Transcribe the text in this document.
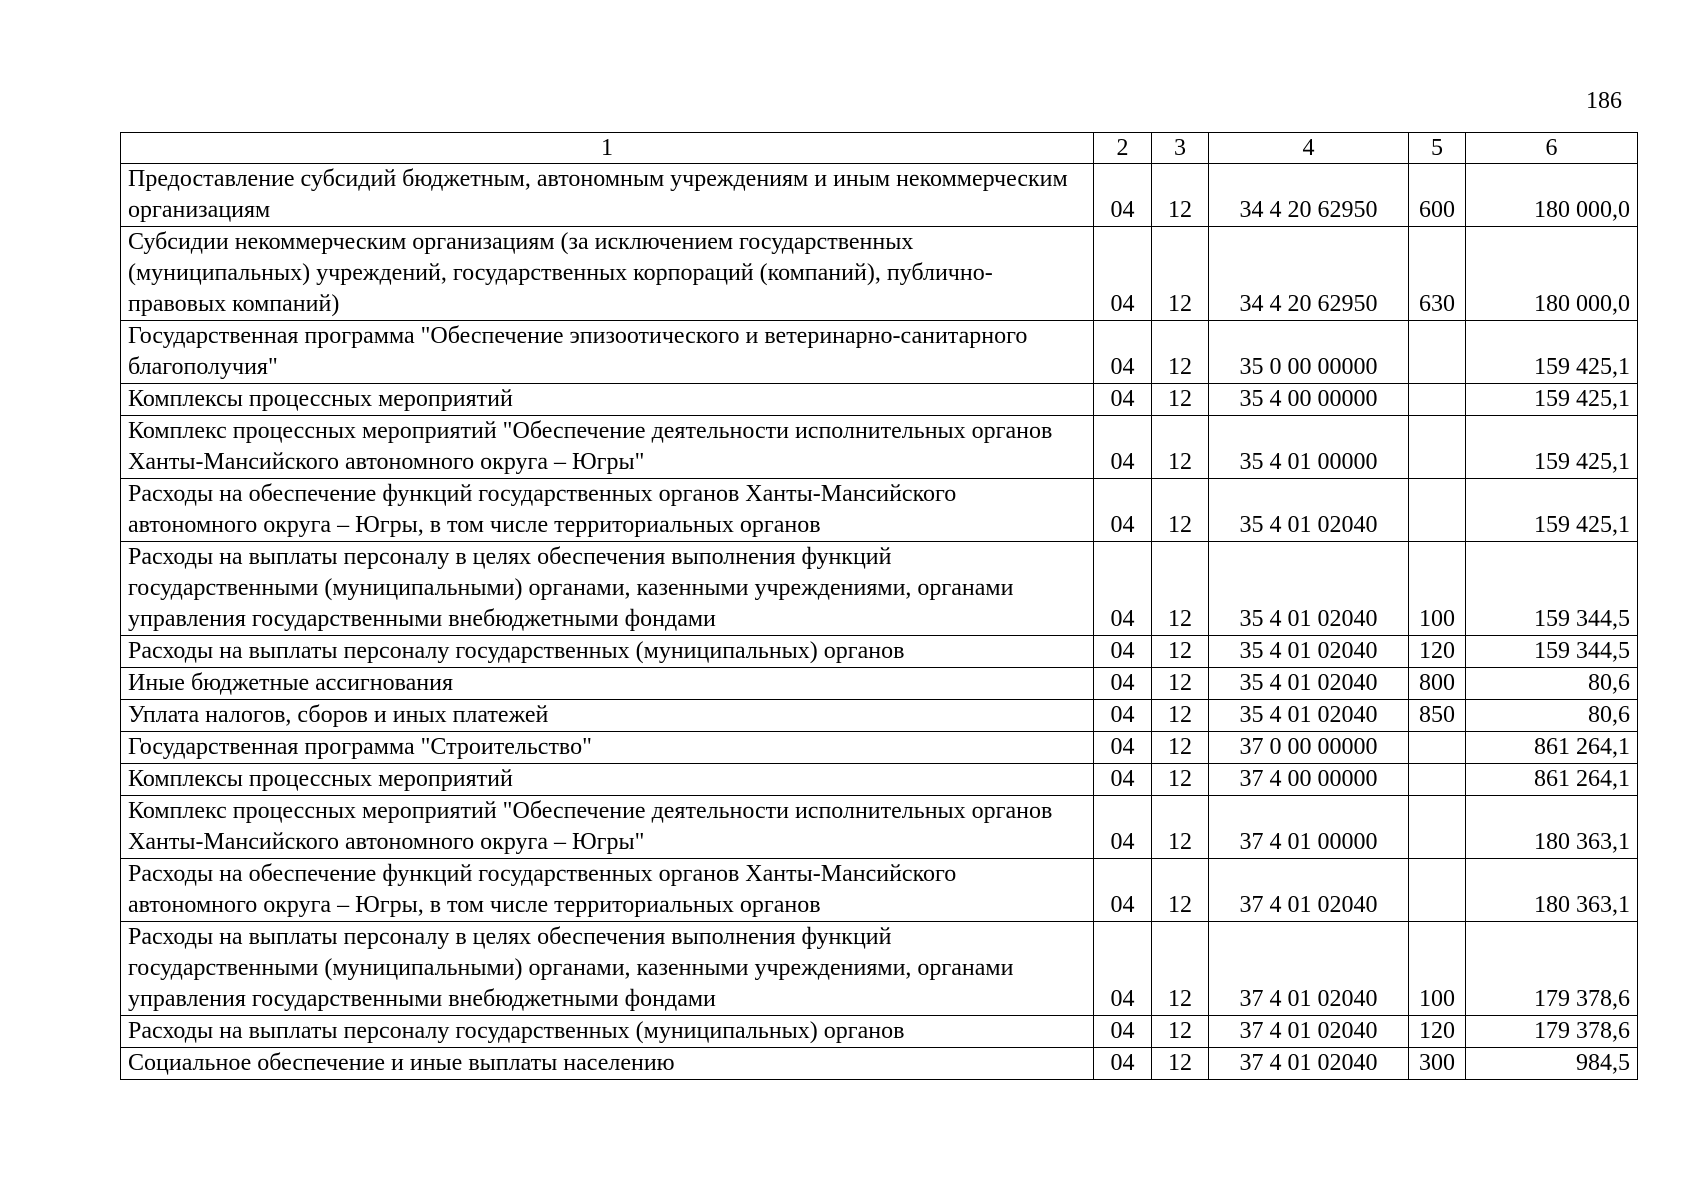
186
1	2	3	4	5	6
Предоставление субсидий бюджетным, автономным учреждениям и иным некоммерческим организациям	04	12	34 4 20 62950	600	180 000,0
Субсидии некоммерческим организациям (за исключением государственных (муниципальных) учреждений, государственных корпораций (компаний), публично-правовых компаний)	04	12	34 4 20 62950	630	180 000,0
Государственная программа "Обеспечение эпизоотического и ветеринарно-санитарного благополучия"	04	12	35 0 00 00000		159 425,1
Комплексы процессных мероприятий	04	12	35 4 00 00000		159 425,1
Комплекс процессных мероприятий "Обеспечение деятельности исполнительных органов Ханты-Мансийского автономного округа – Югры"	04	12	35 4 01 00000		159 425,1
Расходы на обеспечение функций государственных органов Ханты-Мансийского автономного округа – Югры, в том числе территориальных органов	04	12	35 4 01 02040		159 425,1
Расходы на выплаты персоналу в целях обеспечения выполнения функций государственными (муниципальными) органами, казенными учреждениями, органами управления государственными внебюджетными фондами	04	12	35 4 01 02040	100	159 344,5
Расходы на выплаты персоналу государственных (муниципальных) органов	04	12	35 4 01 02040	120	159 344,5
Иные бюджетные ассигнования	04	12	35 4 01 02040	800	80,6
Уплата налогов, сборов и иных платежей	04	12	35 4 01 02040	850	80,6
Государственная программа "Строительство"	04	12	37 0 00 00000		861 264,1
Комплексы процессных мероприятий	04	12	37 4 00 00000		861 264,1
Комплекс процессных мероприятий "Обеспечение деятельности исполнительных органов Ханты-Мансийского автономного округа – Югры"	04	12	37 4 01 00000		180 363,1
Расходы на обеспечение функций государственных органов Ханты-Мансийского автономного округа – Югры, в том числе территориальных органов	04	12	37 4 01 02040		180 363,1
Расходы на выплаты персоналу в целях обеспечения выполнения функций государственными (муниципальными) органами, казенными учреждениями, органами управления государственными внебюджетными фондами	04	12	37 4 01 02040	100	179 378,6
Расходы на выплаты персоналу государственных (муниципальных) органов	04	12	37 4 01 02040	120	179 378,6
Социальное обеспечение и иные выплаты населению	04	12	37 4 01 02040	300	984,5
